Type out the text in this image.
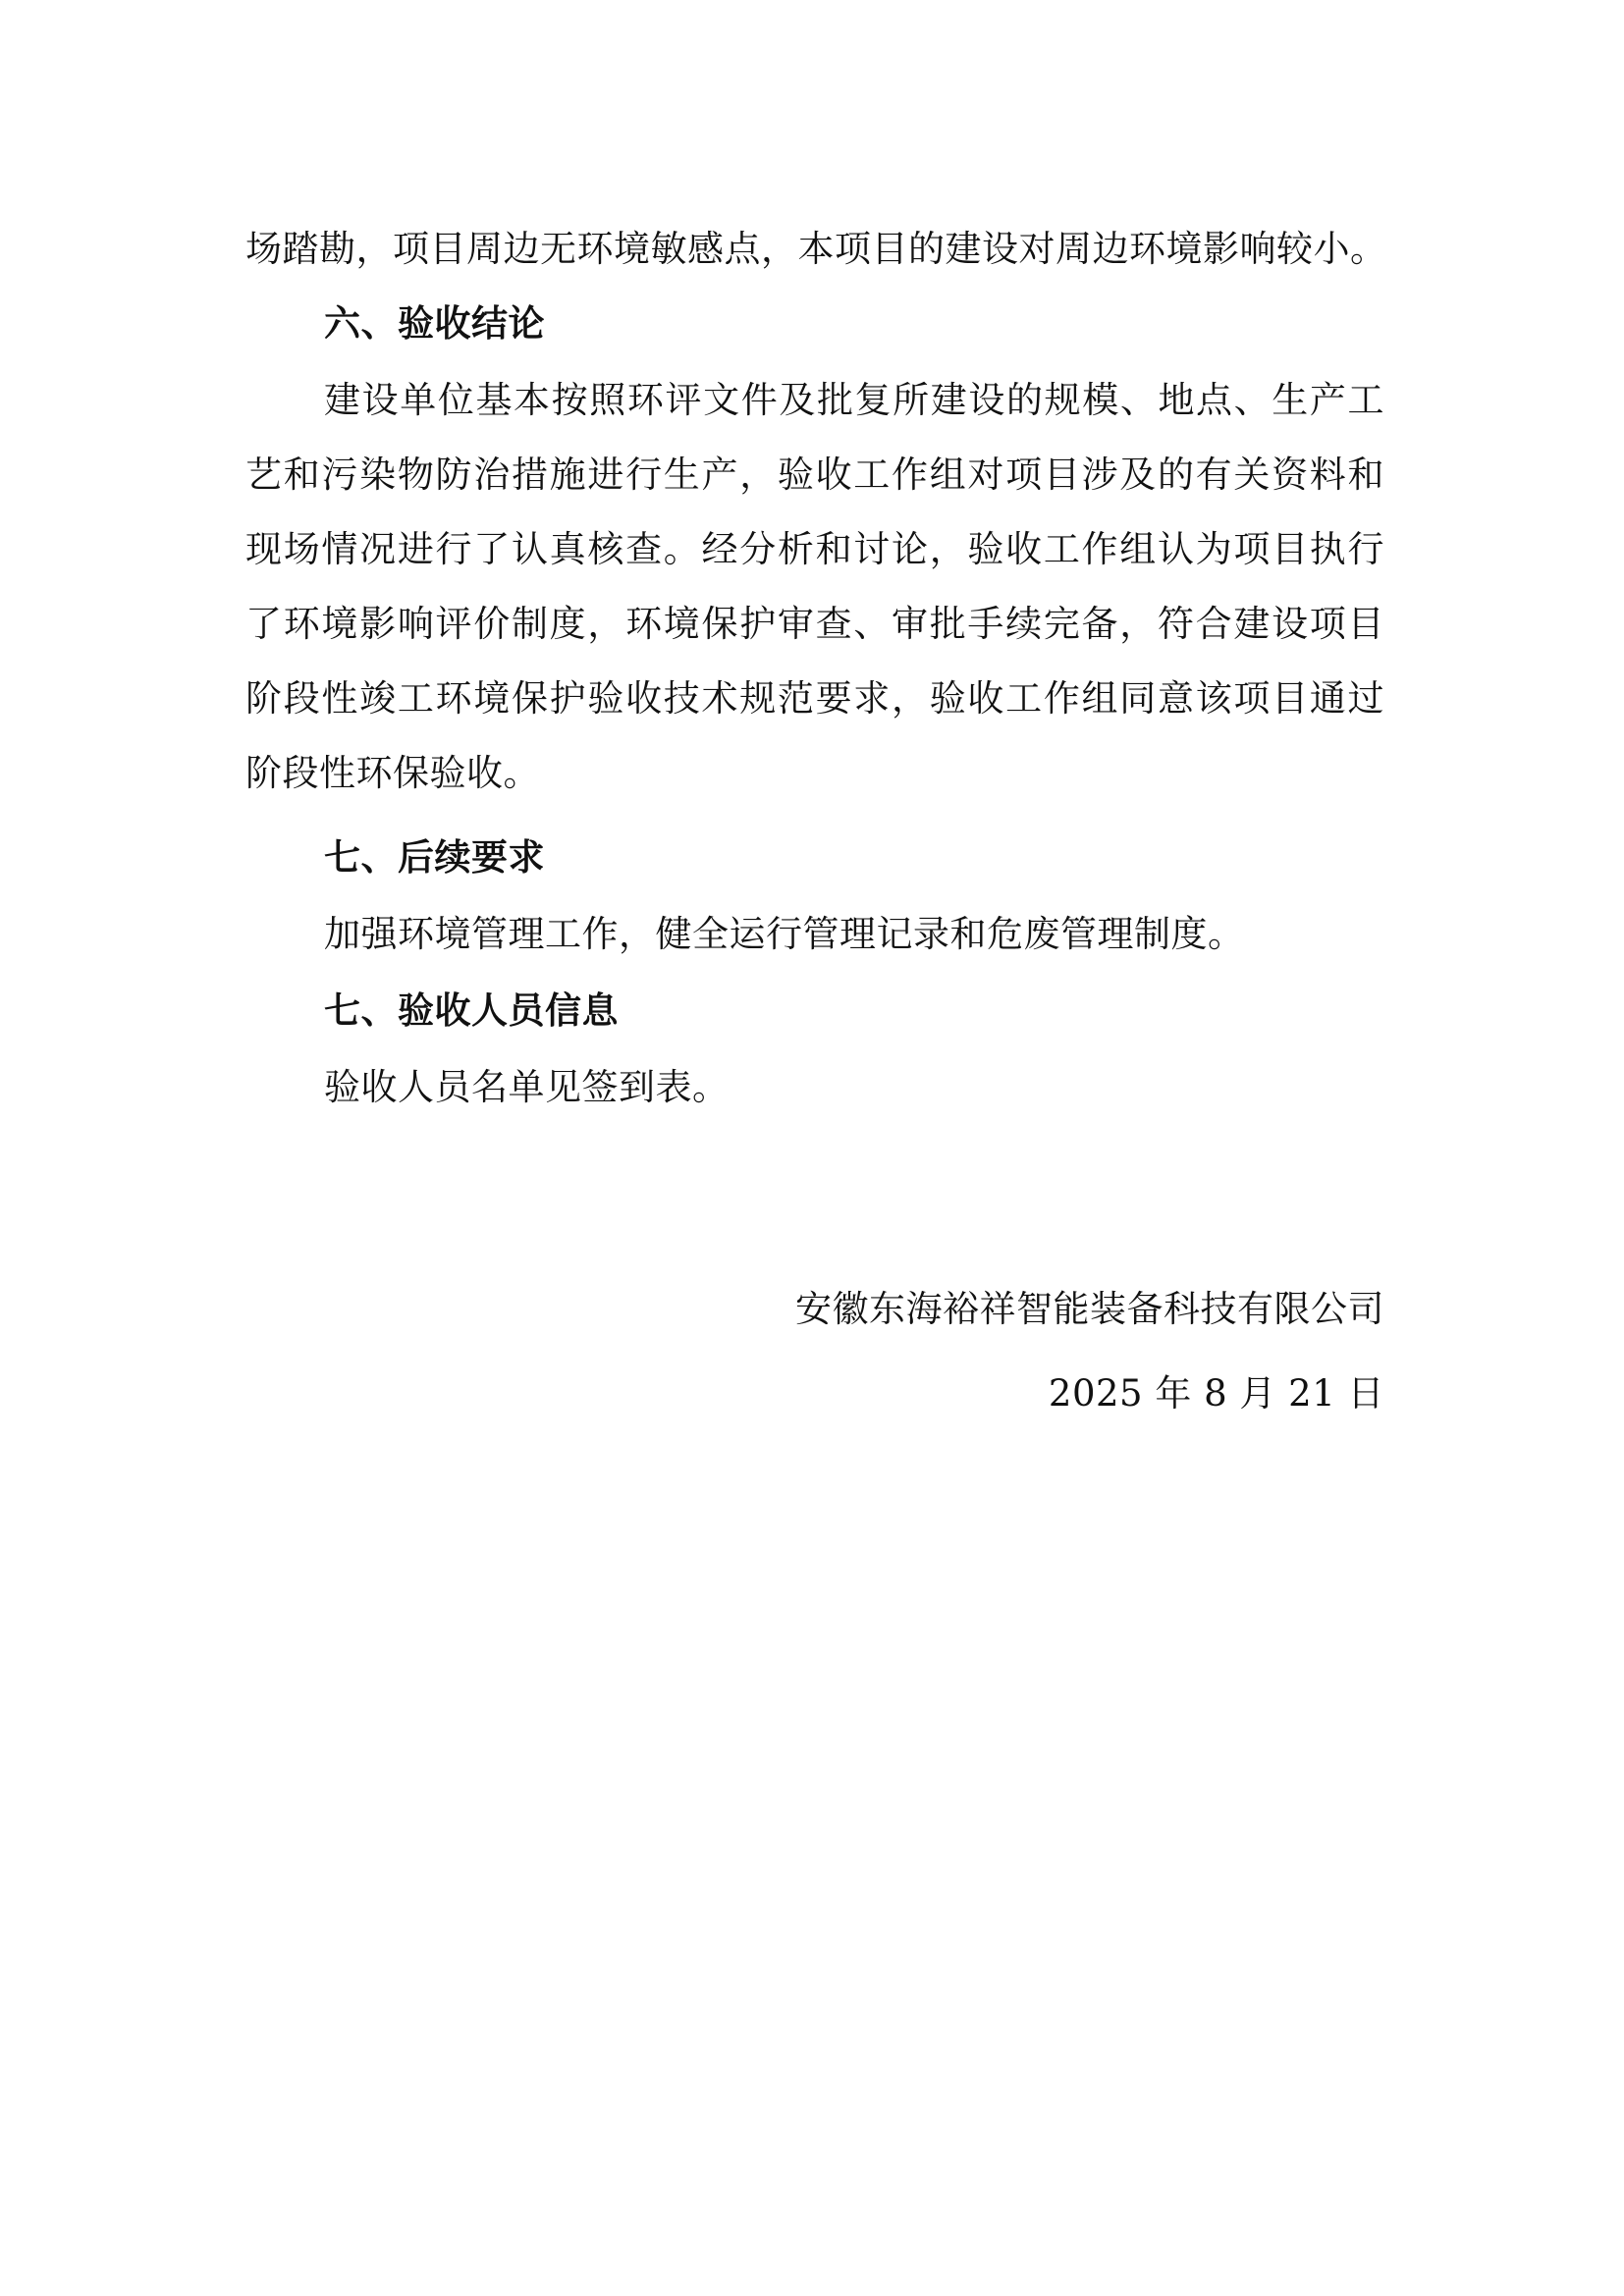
场踏勘，项目周边无环境敏感点，本项目的建设对周边环境影响较小。
六、验收结论
建设单位基本按照环评文件及批复所建设的规模、地点、生产工
艺和污染物防治措施进行生产，验收工作组对项目涉及的有关资料和
现场情况进行了认真核查。经分析和讨论，验收工作组认为项目执行
了环境影响评价制度，环境保护审查、审批手续完备，符合建设项目
阶段性竣工环境保护验收技术规范要求，验收工作组同意该项目通过
阶段性环保验收。
七、后续要求
加强环境管理工作，健全运行管理记录和危废管理制度。
七、验收人员信息
验收人员名单见签到表。
安徽东海裕祥智能装备科技有限公司
2025 年 8 月 21 日
